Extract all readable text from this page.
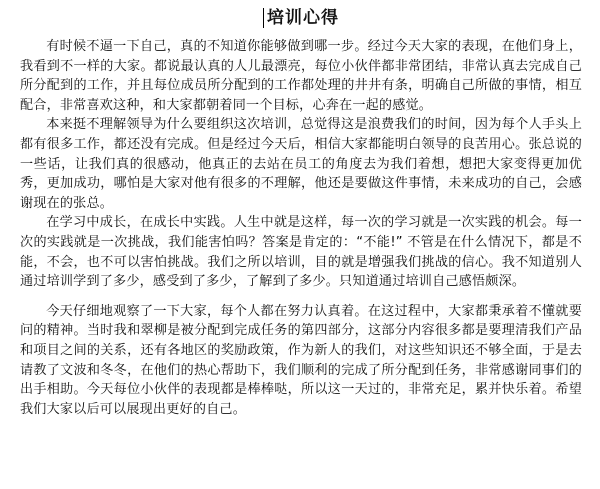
培训心得

有时候不逼一下自己，真的不知道你能够做到哪一步。经过今天大家的表现，在他们身上，我看到不一样的大家。都说最认真的人儿最漂亮，每位小伙伴都非常团结，非常认真去完成自己所分配到的工作，并且每位成员所分配到的工作都处理的井井有条，明确自己所做的事情，相互配合，非常喜欢这种，和大家都朝着同一个目标，心奔在一起的感觉。

本来挺不理解领导为什么要组织这次培训，总觉得这是浪费我们的时间，因为每个人手头上都有很多工作，都还没有完成。但是经过今天后，相信大家都能明白领导的良苦用心。张总说的一些话，让我们真的很感动，他真正的去站在员工的角度去为我们着想，想把大家变得更加优秀，更加成功，哪怕是大家对他有很多的不理解，他还是要做这件事情，未来成功的自己，会感谢现在的张总。

在学习中成长，在成长中实践。人生中就是这样，每一次的学习就是一次实践的机会。每一次的实践就是一次挑战，我们能害怕吗？答案是肯定的：“不能!” 不管是在什么情况下，都是不能，不会，也不可以害怕挑战。我们之所以培训，目的就是增强我们挑战的信心。我不知道别人通过培训学到了多少，感受到了多少，了解到了多少。只知道通过培训自己感悟颇深。

今天仔细地观察了一下大家，每个人都在努力认真着。在这过程中，大家都秉承着不懂就要问的精神。当时我和翠柳是被分配到完成任务的第四部分，这部分内容很多都是要理清我们产品和项目之间的关系，还有各地区的奖励政策，作为新人的我们，对这些知识还不够全面，于是去请教了文波和冬冬，在他们的热心帮助下，我们顺利的完成了所分配到任务，非常感谢同事们的出手相助。今天每位小伙伴的表现都是棒棒哒，所以这一天过的，非常充足，累并快乐着。希望我们大家以后可以展现出更好的自己。
